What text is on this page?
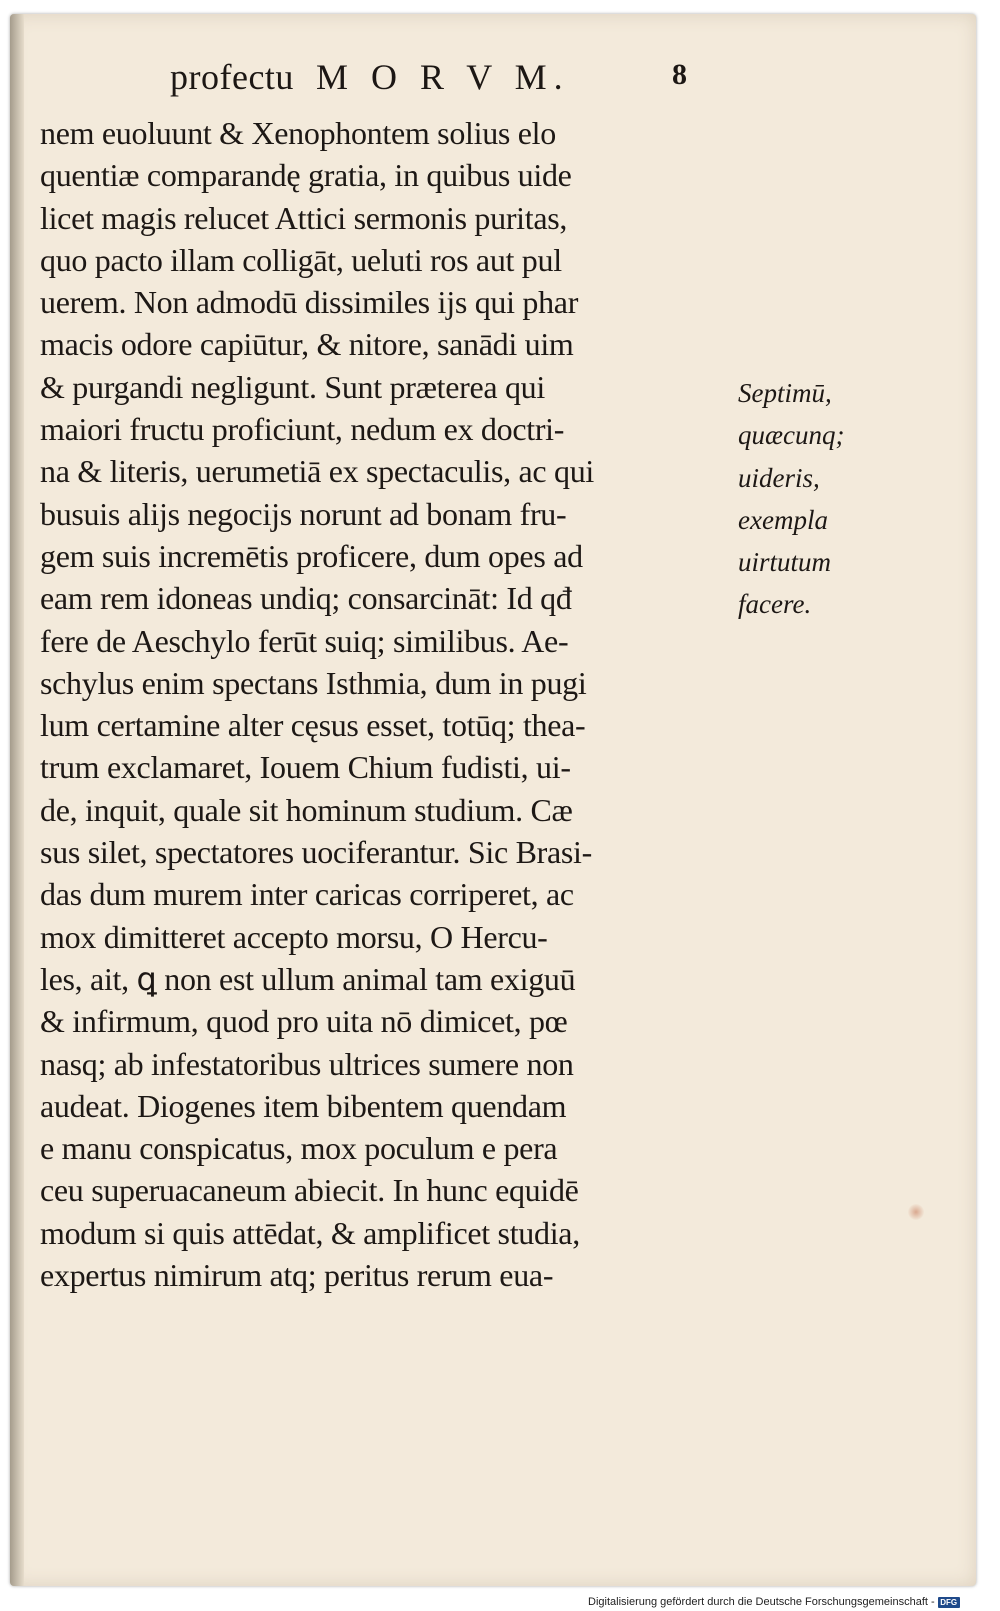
profectu M O R V M.	8
nem euoluunt & Xenophontem solius elo
quentiæ comparandę gratia, in quibus uide
licet magis relucet Attici sermonis puritas,
quo pacto illam colligāt, ueluti ros aut pul
uerem. Non admodū dissimiles ĳs qui phar
macis odore capiūtur, & nitore, sanādi uim
& purgandi negligunt. Sunt præterea qui
maiori fructu proficiunt, nedum ex doctri-
na & literis, uerumetiā ex spectaculis, ac qui
busuis alĳs negocĳs norunt ad bonam fru-
gem suis incremētis proficere, dum opes ad
eam rem idoneas undiq; consarcināt: Id qđ
fere de Aeschylo ferūt suiq; similibus. Ae-
schylus enim spectans Isthmia, dum in pugi
lum certamine alter cęsus esset, totūq; thea-
trum exclamaret, Iouem Chium fudisti, ui-
de, inquit, quale sit hominum studium. Cæ
sus silet, spectatores uociferantur. Sic Brasi-
das dum murem inter caricas corriperet, ac
mox dimitteret accepto morsu, O Hercu-
les, ait, ꝗ non est ullum animal tam exiguū
& infirmum, quod pro uita nō dimicet, pœ
nasq; ab infestatoribus ultrices sumere non
audeat. Diogenes item bibentem quendam
e manu conspicatus, mox poculum e pera
ceu superuacaneum abiecit. In hunc equidē
modum si quis attēdat, & amplificet studia,
expertus nimirum atq; peritus rerum eua-
Septimū,
quæcunq;
uideris,
exempla
uirtutum
facere.
Digitalisierung gefördert durch die Deutsche Forschungsgemeinschaft - DFG
